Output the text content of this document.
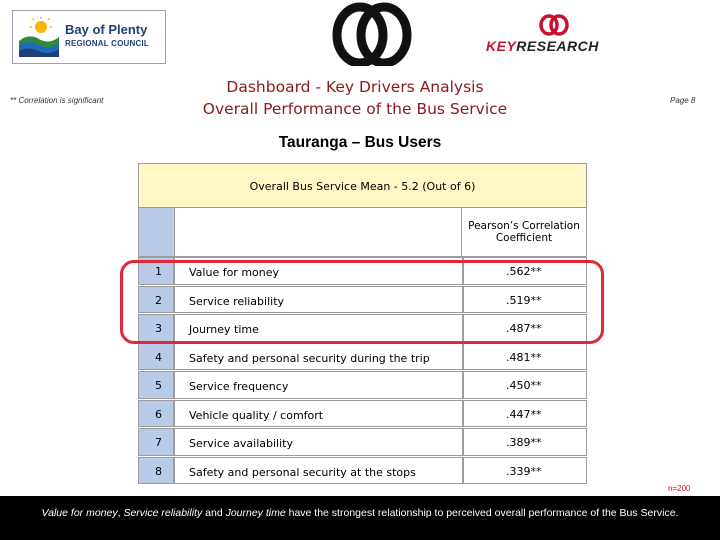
Bay of Plenty
REGIONAL COUNCIL	KEYRESEARCH
** Correlation is significant
Dashboard - Key Drivers Analysis
Overall Performance of the Bus Service	Page 8
Tauranga – Bus Users
Overall Bus Service Mean - 5.2 (Out of 6)
Pearson’s Correlation Coefficient
1	Value for money	.562**
2	Service reliability	.519**
3	Journey time	.487**
4	Safety and personal security during the trip	.481**
5	Service frequency	.450**
6	Vehicle quality / comfort	.447**
7	Service availability	.389**
8	Safety and personal security at the stops	.339**
n=200
Value for money, Service reliability and Journey time have the strongest relationship to perceived overall performance of the Bus Service.
